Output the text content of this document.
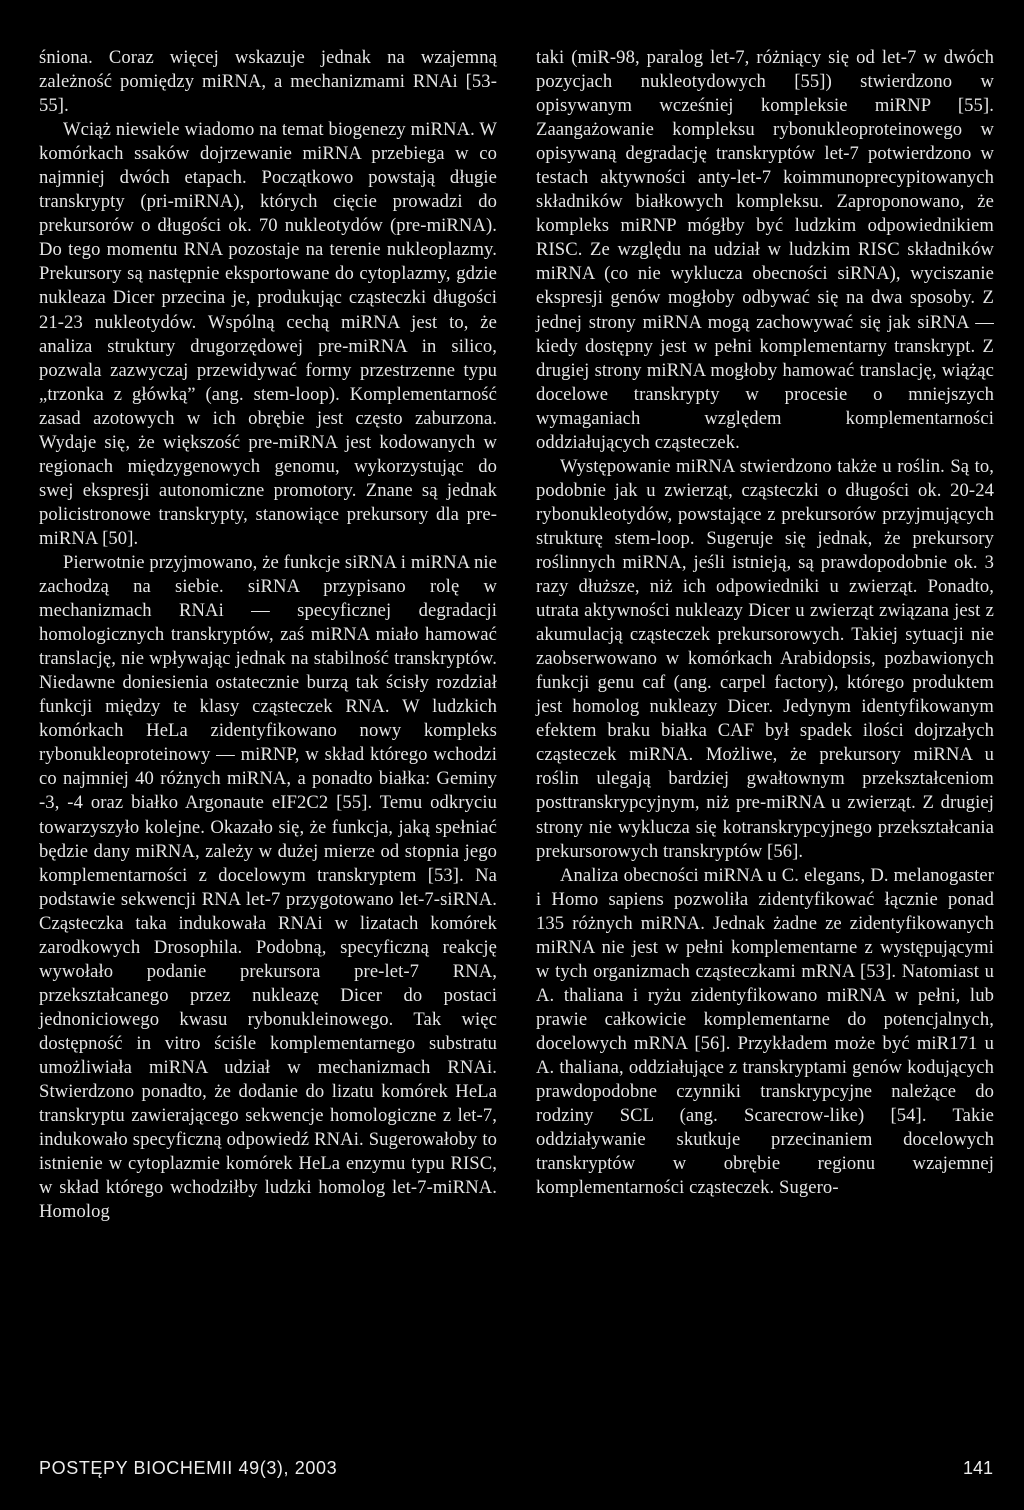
śniona. Coraz więcej wskazuje jednak na wzajemną zależność pomiędzy miRNA, a mechanizmami RNAi [53-55].

Wciąż niewiele wiadomo na temat biogenezy miRNA. W komórkach ssaków dojrzewanie miRNA przebiega w co najmniej dwóch etapach. Początkowo powstają długie transkrypty (pri-miRNA), których cięcie prowadzi do prekursorów o długości ok. 70 nukleotydów (pre-miRNA). Do tego momentu RNA pozostaje na terenie nukleoplazmy. Prekursory są następnie eksportowane do cytoplazmy, gdzie nukleaza Dicer przecina je, produkując cząsteczki długości 21-23 nukleotydów. Wspólną cechą miRNA jest to, że analiza struktury drugorzędowej pre-miRNA in silico, pozwala zazwyczaj przewidywać formy przestrzenne typu „trzonka z główką” (ang. stem-loop). Komplementarność zasad azotowych w ich obrębie jest często zaburzona. Wydaje się, że większość pre-miRNA jest kodowanych w regionach międzygenowych genomu, wykorzystując do swej ekspresji autonomiczne promotory. Znane są jednak policistronowe transkrypty, stanowiące prekursory dla pre-miRNA [50].

Pierwotnie przyjmowano, że funkcje siRNA i miRNA nie zachodzą na siebie. siRNA przypisano rolę w mechanizmach RNAi — specyficznej degradacji homologicznych transkryptów, zaś miRNA miało hamować translację, nie wpływając jednak na stabilność transkryptów. Niedawne doniesienia ostatecznie burzą tak ścisły rozdział funkcji między te klasy cząsteczek RNA. W ludzkich komórkach HeLa zidentyfikowano nowy kompleks rybonukleoproteinowy — miRNP, w skład którego wchodzi co najmniej 40 różnych miRNA, a ponadto białka: Geminy -3, -4 oraz białko Argonaute eIF2C2 [55]. Temu odkryciu towarzyszyło kolejne. Okazało się, że funkcja, jaką spełniać będzie dany miRNA, zależy w dużej mierze od stopnia jego komplementarności z docelowym transkryptem [53]. Na podstawie sekwencji RNA let-7 przygotowano let-7-siRNA. Cząsteczka taka indukowała RNAi w lizatach komórek zarodkowych Drosophila. Podobną, specyficzną reakcję wywołało podanie prekursora pre-let-7 RNA, przekształcanego przez nukleazę Dicer do postaci jednoniciowego kwasu rybonukleinowego. Tak więc dostępność in vitro ściśle komplementarnego substratu umożliwiała miRNA udział w mechanizmach RNAi. Stwierdzono ponadto, że dodanie do lizatu komórek HeLa transkryptu zawierającego sekwencje homologiczne z let-7, indukowało specyficzną odpowiedź RNAi. Sugerowałoby to istnienie w cytoplazmie komórek HeLa enzymu typu RISC, w skład którego wchodziłby ludzki homolog let-7-miRNA. Homolog

taki (miR-98, paralog let-7, różniący się od let-7 w dwóch pozycjach nukleotydowych [55]) stwierdzono w opisywanym wcześniej kompleksie miRNP [55]. Zaangażowanie kompleksu rybonukleoproteinowego w opisywaną degradację transkryptów let-7 potwierdzono w testach aktywności anty-let-7 koimmunoprecypitowanych składników białkowych kompleksu. Zaproponowano, że kompleks miRNP mógłby być ludzkim odpowiednikiem RISC. Ze względu na udział w ludzkim RISC składników miRNA (co nie wyklucza obecności siRNA), wyciszanie ekspresji genów mogłoby odbywać się na dwa sposoby. Z jednej strony miRNA mogą zachowywać się jak siRNA — kiedy dostępny jest w pełni komplementarny transkrypt. Z drugiej strony miRNA mogłoby hamować translację, wiążąc docelowe transkrypty w procesie o mniejszych wymaganiach względem komplementarności oddziałujących cząsteczek.

Występowanie miRNA stwierdzono także u roślin. Są to, podobnie jak u zwierząt, cząsteczki o długości ok. 20-24 rybonukleotydów, powstające z prekursorów przyjmujących strukturę stem-loop. Sugeruje się jednak, że prekursory roślinnych miRNA, jeśli istnieją, są prawdopodobnie ok. 3 razy dłuższe, niż ich odpowiedniki u zwierząt. Ponadto, utrata aktywności nukleazy Dicer u zwierząt związana jest z akumulacją cząsteczek prekursorowych. Takiej sytuacji nie zaobserwowano w komórkach Arabidopsis, pozbawionych funkcji genu caf (ang. carpel factory), którego produktem jest homolog nukleazy Dicer. Jedynym identyfikowanym efektem braku białka CAF był spadek ilości dojrzałych cząsteczek miRNA. Możliwe, że prekursory miRNA u roślin ulegają bardziej gwałtownym przekształceniom posttranskrypcyjnym, niż pre-miRNA u zwierząt. Z drugiej strony nie wyklucza się kotranskrypcyjnego przekształcania prekursorowych transkryptów [56].

Analiza obecności miRNA u C. elegans, D. melanogaster i Homo sapiens pozwoliła zidentyfikować łącznie ponad 135 różnych miRNA. Jednak żadne ze zidentyfikowanych miRNA nie jest w pełni komplementarne z występującymi w tych organizmach cząsteczkami mRNA [53]. Natomiast u A. thaliana i ryżu zidentyfikowano miRNA w pełni, lub prawie całkowicie komplementarne do potencjalnych, docelowych mRNA [56]. Przykładem może być miR171 u A. thaliana, oddziałujące z transkryptami genów kodujących prawdopodobne czynniki transkrypcyjne należące do rodziny SCL (ang. Scarecrow-like) [54]. Takie oddziaływanie skutkuje przecinaniem docelowych transkryptów w obrębie regionu wzajemnej komplementarności cząsteczek. Sugero-

POSTĘPY BIOCHEMII 49(3), 2003	141
